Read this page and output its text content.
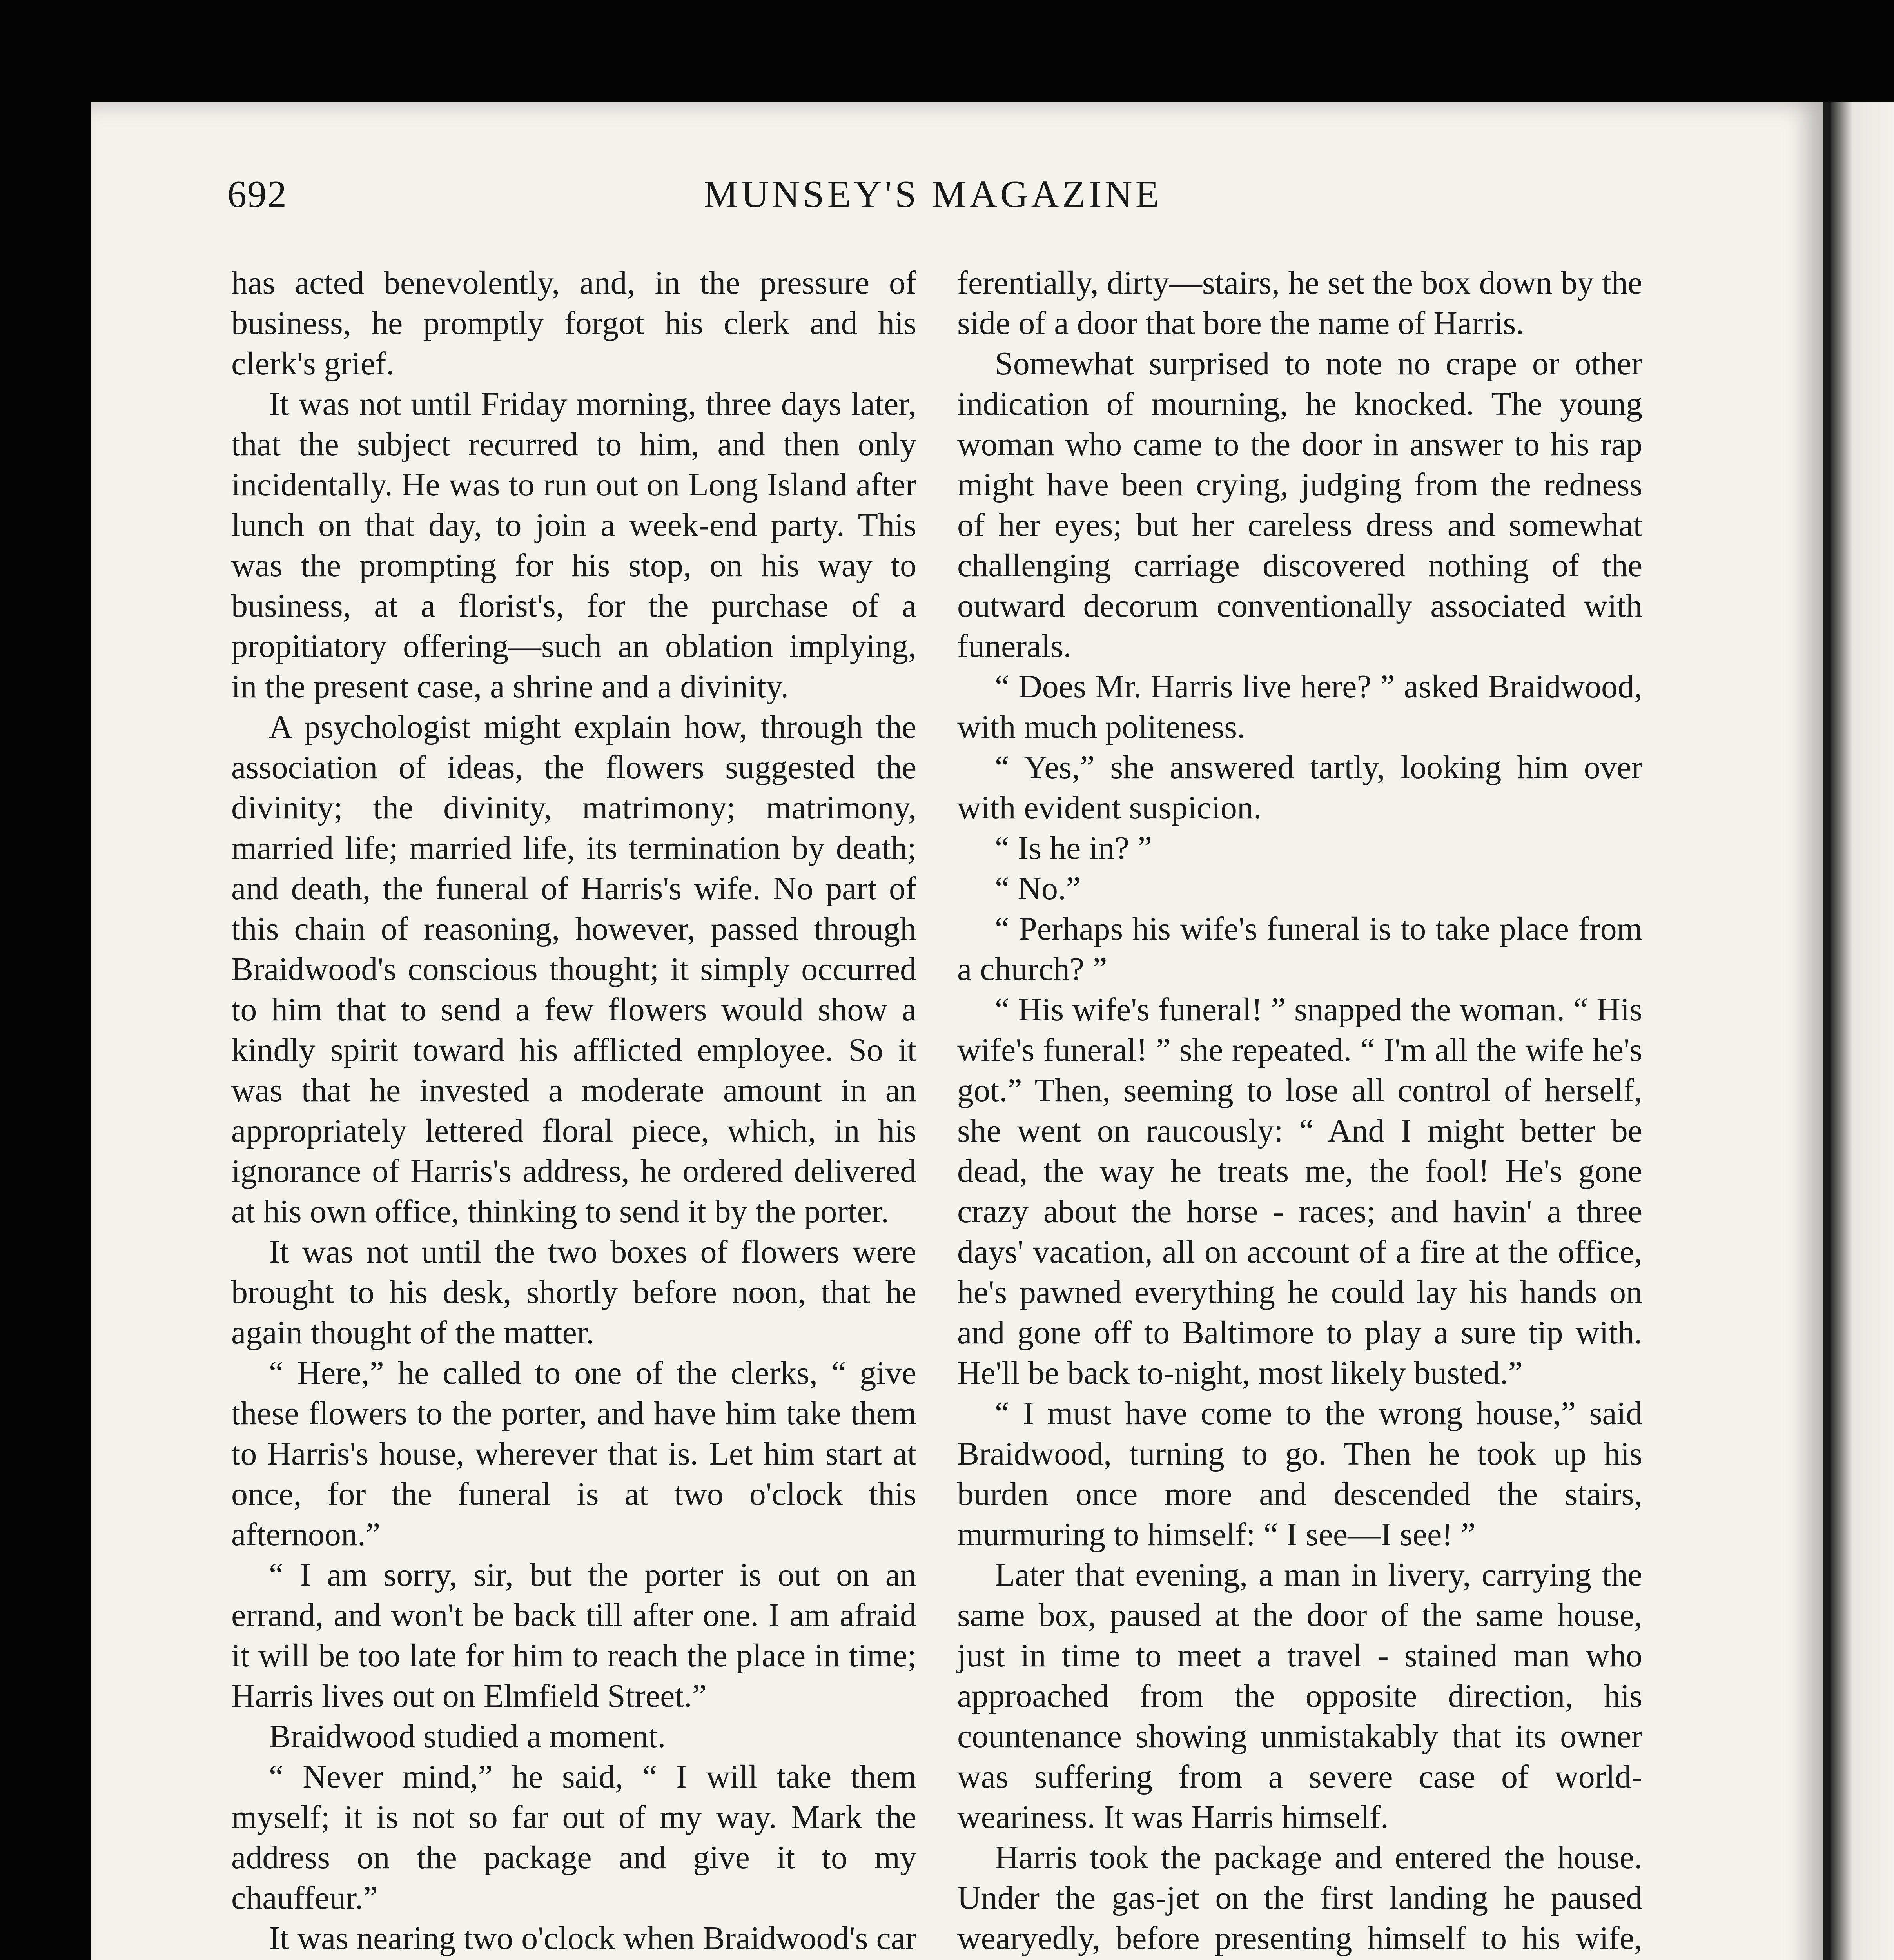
692	MUNSEY'S MAGAZINE

has acted benevolently, and, in the pressure of business, he promptly forgot his clerk and his clerk's grief.

It was not until Friday morning, three days later, that the subject recurred to him, and then only incidentally. He was to run out on Long Island after lunch on that day, to join a week-end party. This was the prompting for his stop, on his way to business, at a florist's, for the purchase of a propitiatory offering—such an oblation implying, in the present case, a shrine and a divinity.

A psychologist might explain how, through the association of ideas, the flowers suggested the divinity; the divinity, matrimony; matrimony, married life; married life, its termination by death; and death, the funeral of Harris's wife. No part of this chain of reasoning, however, passed through Braidwood's conscious thought; it simply occurred to him that to send a few flowers would show a kindly spirit toward his afflicted employee. So it was that he invested a moderate amount in an appropriately lettered floral piece, which, in his ignorance of Harris's address, he ordered delivered at his own office, thinking to send it by the porter.

It was not until the two boxes of flowers were brought to his desk, shortly before noon, that he again thought of the matter.

“ Here,” he called to one of the clerks, “ give these flowers to the porter, and have him take them to Harris's house, wherever that is. Let him start at once, for the funeral is at two o'clock this afternoon.”

“ I am sorry, sir, but the porter is out on an errand, and won't be back till after one. I am afraid it will be too late for him to reach the place in time; Harris lives out on Elmfield Street.”

Braidwood studied a moment.

“ Never mind,” he said, “ I will take them myself; it is not so far out of my way. Mark the address on the package and give it to my chauffeur.”

It was nearing two o'clock when Braidwood's car

ferentially, dirty—stairs, he set the box down by the side of a door that bore the name of Harris.

Somewhat surprised to note no crape or other indication of mourning, he knocked. The young woman who came to the door in answer to his rap might have been crying, judging from the redness of her eyes; but her careless dress and somewhat challenging carriage discovered nothing of the outward decorum conventionally associated with funerals.

“ Does Mr. Harris live here? ” asked Braidwood, with much politeness.

“ Yes,” she answered tartly, looking him over with evident suspicion.

“ Is he in? ”

“ No.”

“ Perhaps his wife's funeral is to take place from a church? ”

“ His wife's funeral! ” snapped the woman. “ His wife's funeral! ” she repeated. “ I'm all the wife he's got.” Then, seeming to lose all control of herself, she went on raucously: “ And I might better be dead, the way he treats me, the fool! He's gone crazy about the horse - races; and havin' a three days' vacation, all on account of a fire at the office, he's pawned everything he could lay his hands on and gone off to Baltimore to play a sure tip with. He'll be back to-night, most likely busted.”

“ I must have come to the wrong house,” said Braidwood, turning to go. Then he took up his burden once more and descended the stairs, murmuring to himself: “ I see—I see! ”

Later that evening, a man in livery, carrying the same box, paused at the door of the same house, just in time to meet a travel - stained man who approached from the opposite direction, his countenance showing unmistakably that its owner was suffering from a severe case of world-weariness. It was Harris himself.

Harris took the package and entered the house. Under the gas-jet on the first landing he paused wearyedly, before presenting himself to his wife,
